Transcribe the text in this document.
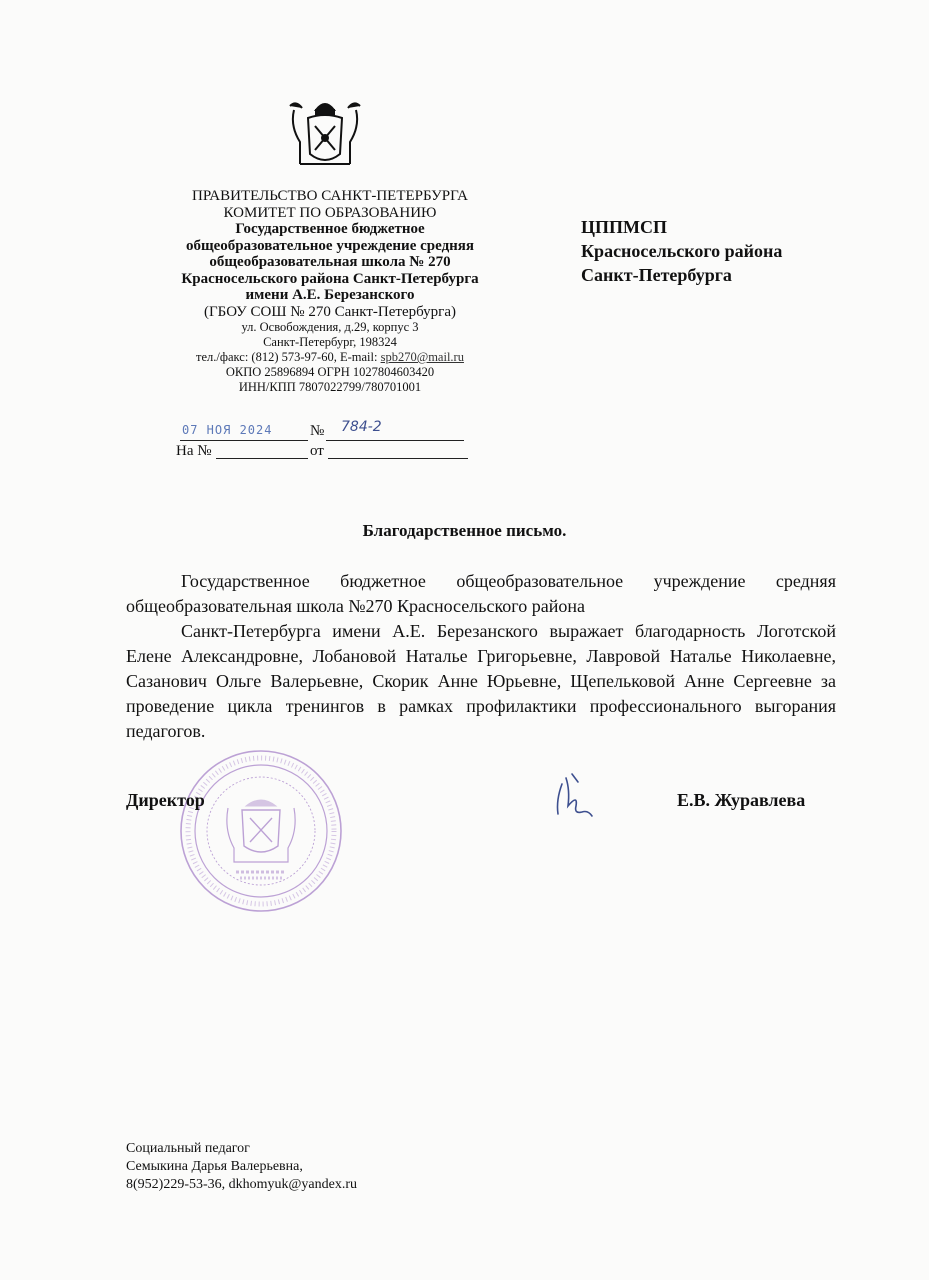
ПРАВИТЕЛЬСТВО САНКТ-ПЕТЕРБУРГА
КОМИТЕТ ПО ОБРАЗОВАНИЮ
Государственное бюджетное
общеобразовательное учреждение средняя
общеобразовательная школа № 270
Красносельского района Санкт-Петербурга
имени А.Е. Березанского
(ГБОУ СОШ № 270 Санкт-Петербурга)
ул. Освобождения, д.29, корпус 3
Санкт-Петербург, 198324
тел./факс: (812) 573-97-60, E-mail: spb270@mail.ru
ОКПО 25896894 ОГРН 1027804603420
ИНН/КПП 7807022799/780701001
07 НОЯ 2024	№ 784-2
На №	от
ЦППМСП
Красносельского района
Санкт-Петербурга
Благодарственное письмо.

Государственное бюджетное общеобразовательное учреждение средняя общеобразовательная школа №270 Красносельского района

Санкт-Петербурга имени А.Е. Березанского выражает благодарность Логотской Елене Александровне, Лобановой Наталье Григорьевне, Лавровой Наталье Николаевне, Сазанович Ольге Валерьевне, Скорик Анне Юрьевне, Щепельковой Анне Сергеевне за проведение цикла тренингов в рамках профилактики профессионального выгорания педагогов.

Директор	Е.В. Журавлева
Социальный педагог
Семыкина Дарья Валерьевна,
8(952)229-53-36, dkhomyuk@yandex.ru
